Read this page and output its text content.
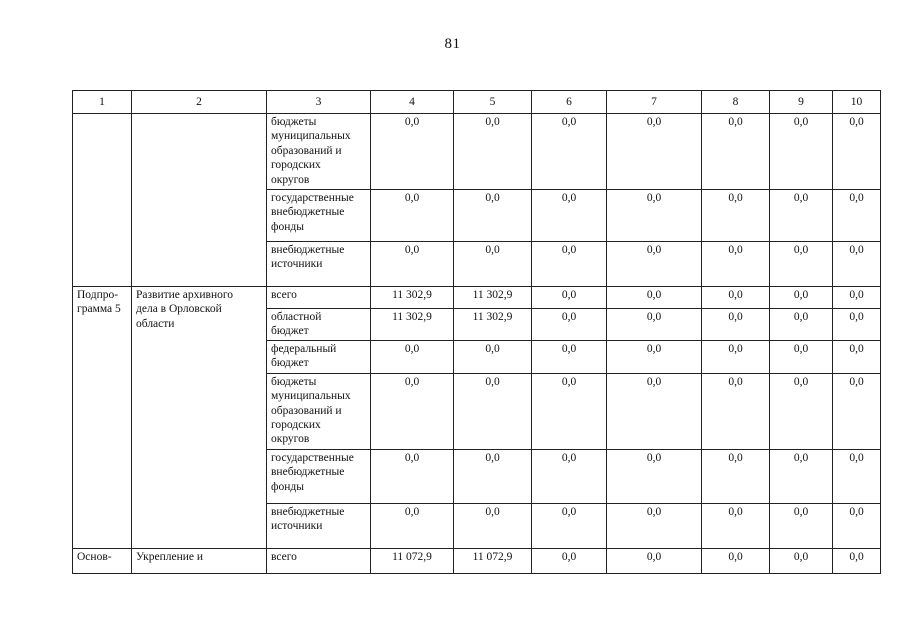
81
1	2	3	4	5	6	7	8	9	10
		бюджеты
муниципальных
образований и
городских
округов	0,0	0,0	0,0	0,0	0,0	0,0	0,0
		государственные
внебюджетные
фонды	0,0	0,0	0,0	0,0	0,0	0,0	0,0
		внебюджетные
источники	0,0	0,0	0,0	0,0	0,0	0,0	0,0
Подпро-
грамма 5	Развитие архивного
дела в Орловской
области	всего	11 302,9	11 302,9	0,0	0,0	0,0	0,0	0,0
		областной
бюджет	11 302,9	11 302,9	0,0	0,0	0,0	0,0	0,0
		федеральный
бюджет	0,0	0,0	0,0	0,0	0,0	0,0	0,0
		бюджеты
муниципальных
образований и
городских
округов	0,0	0,0	0,0	0,0	0,0	0,0	0,0
		государственные
внебюджетные
фонды	0,0	0,0	0,0	0,0	0,0	0,0	0,0
		внебюджетные
источники	0,0	0,0	0,0	0,0	0,0	0,0	0,0
Основ-	Укрепление и	всего	11 072,9	11 072,9	0,0	0,0	0,0	0,0	0,0
